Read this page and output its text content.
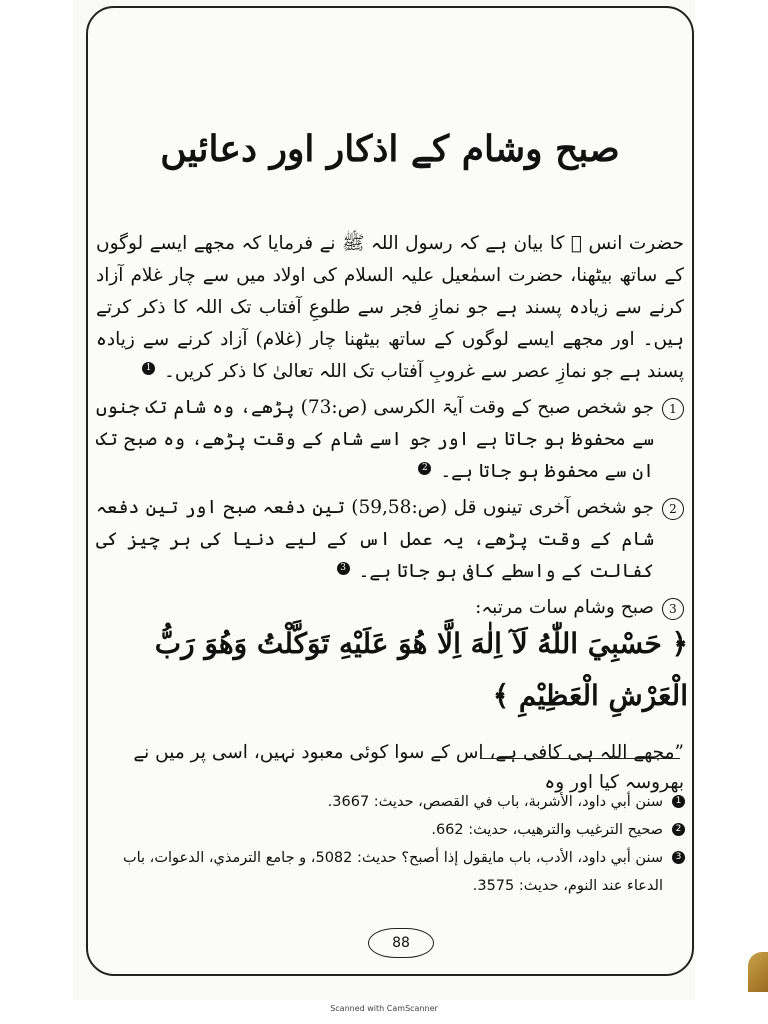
صبح وشام کے اذکار اور دعائیں

حضرت انس ﷜ کا بیان ہے کہ رسول اللہ ﷺ نے فرمایا کہ مجھے ایسے لوگوں کے ساتھ بیٹھنا، حضرت اسمٰعیل علیہ السلام کی اولاد میں سے چار غلام آزاد کرنے سے زیادہ پسند ہے جو نمازِ فجر سے طلوعِ آفتاب تک اللہ کا ذکر کرتے ہیں۔ اور مجھے ایسے لوگوں کے ساتھ بیٹھنا چار (غلام) آزاد کرنے سے زیادہ پسند ہے جو نمازِ عصر سے غروبِ آفتاب تک اللہ تعالیٰ کا ذکر کریں۔ 1

1
جو شخص صبح کے وقت آیۃ الکرسی (ص:73) پڑھے، وہ شام تک جنوں سے محفوظ ہو جاتا ہے اور جو اسے شام کے وقت پڑھے، وہ صبح تک ان سے محفوظ ہو جاتا ہے۔ 2
2
جو شخص آخری تینوں قل (ص:59,58) تین دفعہ صبح اور تین دفعہ شام کے وقت پڑھے، یہ عمل اس کے لیے دنیا کی ہر چیز کی کفالت کے واسطے کافی ہو جاتا ہے۔ 3
3
صبح وشام سات مرتبہ:
﴿ حَسْبِيَ اللّٰهُ لَآ اِلٰهَ اِلَّا هُوَ عَلَيْهِ تَوَكَّلْتُ وَهُوَ رَبُّ الْعَرْشِ الْعَظِيْمِ ﴾
”مجھے اللہ ہی کافی ہے، اس کے سوا کوئی معبود نہیں، اسی پر میں نے بھروسہ کیا اور وہ
1
سنن أبي داود، الأشربة، باب في القصص، حديث: 3667.
2
صحيح الترغيب والترهيب، حديث: 662.
3
سنن أبي داود، الأدب، باب مايقول إذا أصبح؟ حديث: 5082، و جامع الترمذي، الدعوات، باب الدعاء عند النوم، حديث: 3575.
88
Scanned with CamScanner
